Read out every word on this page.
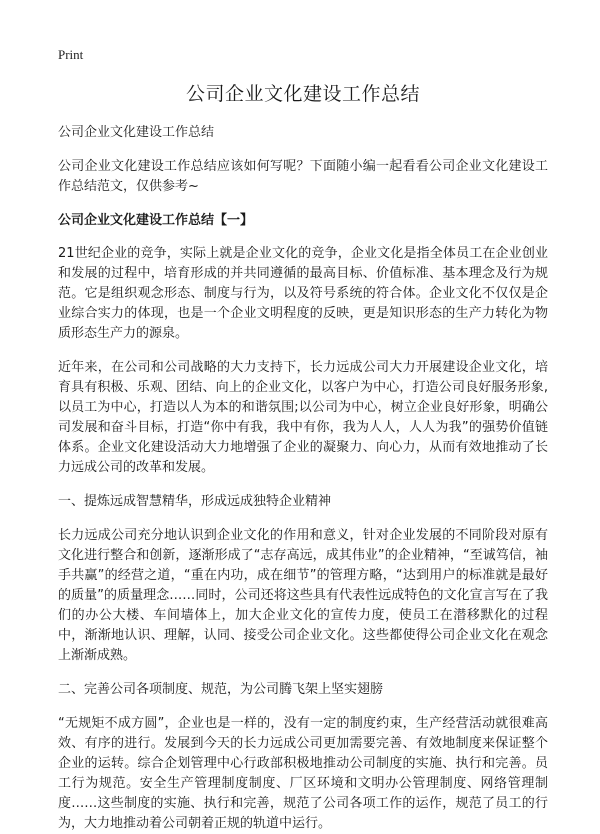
Print
公司企业文化建设工作总结

公司企业文化建设工作总结

公司企业文化建设工作总结应该如何写呢？下面随小编一起看看公司企业文化建设工作总结范文，仅供参考~

公司企业文化建设工作总结【一】

21世纪企业的竞争，实际上就是企业文化的竞争，企业文化是指全体员工在企业创业和发展的过程中，培育形成的并共同遵循的最高目标、价值标准、基本理念及行为规范。它是组织观念形态、制度与行为，以及符号系统的符合体。企业文化不仅仅是企业综合实力的体现，也是一个企业文明程度的反映，更是知识形态的生产力转化为物质形态生产力的源泉。

近年来，在公司和公司战略的大力支持下，长力远成公司大力开展建设企业文化，培育具有积极、乐观、团结、向上的企业文化，以客户为中心，打造公司良好服务形象,以员工为中心，打造以人为本的和谐氛围;以公司为中心，树立企业良好形象，明确公司发展和奋斗目标，打造“你中有我，我中有你，我为人人，人人为我”的强势价值链体系。企业文化建设活动大力地增强了企业的凝聚力、向心力，从而有效地推动了长力远成公司的改革和发展。

一、提炼远成智慧精华，形成远成独特企业精神

长力远成公司充分地认识到企业文化的作用和意义，针对企业发展的不同阶段对原有文化进行整合和创新，逐渐形成了“志存高远，成其伟业”的企业精神，“至诚笃信，袖手共赢”的经营之道，“重在内功，成在细节”的管理方略，“达到用户的标准就是最好的质量”的质量理念……同时，公司还将这些具有代表性远成特色的文化宣言写在了我们的办公大楼、车间墙体上，加大企业文化的宣传力度，使员工在潜移默化的过程中，渐渐地认识、理解，认同、接受公司企业文化。这些都使得公司企业文化在观念上渐渐成熟。

二、完善公司各项制度、规范，为公司腾飞架上坚实翅膀

“无规矩不成方圆”，企业也是一样的，没有一定的制度约束，生产经营活动就很难高效、有序的进行。发展到今天的长力远成公司更加需要完善、有效地制度来保证整个企业的运转。综合企划管理中心行政部积极地推动公司制度的实施、执行和完善。员工行为规范。安全生产管理制度制度、厂区环境和文明办公管理制度、网络管理制度……这些制度的实施、执行和完善，规范了公司各项工作的运作，规范了员工的行为，大力地推动着公司朝着正规的轨道中运行。
